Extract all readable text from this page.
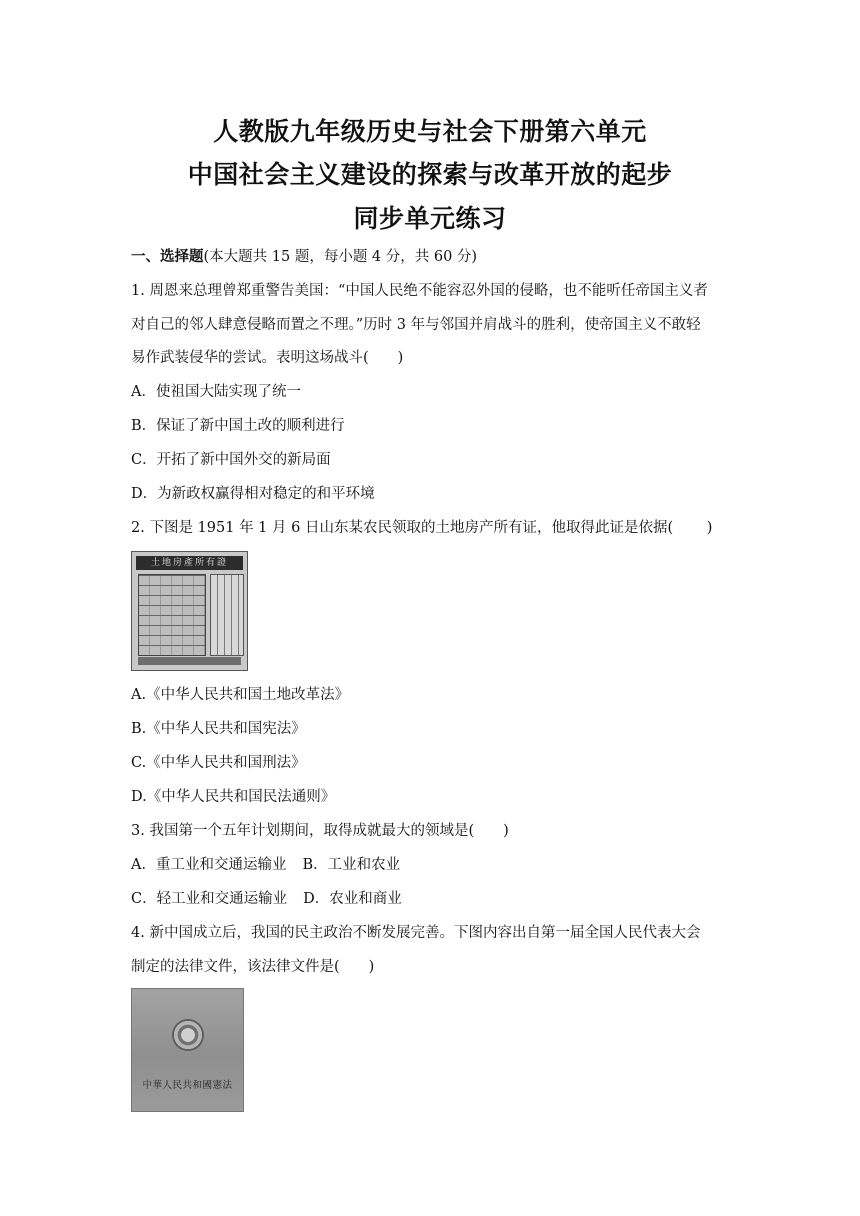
人教版九年级历史与社会下册第六单元
中国社会主义建设的探索与改革开放的起步
同步单元练习
一、选择题(本大题共 15 题，每小题 4 分，共 60 分)
1. 周恩来总理曾郑重警告美国：“中国人民绝不能容忍外国的侵略，也不能听任帝国主义者
对自己的邻人肆意侵略而置之不理。”历时 3 年与邻国并肩战斗的胜利，使帝国主义不敢轻
易作武装侵华的尝试。表明这场战斗(　　)
A．使祖国大陆实现了统一
B．保证了新中国土改的顺利进行
C．开拓了新中国外交的新局面
D．为新政权赢得相对稳定的和平环境
2. 下图是 1951 年 1 月 6 日山东某农民领取的土地房产所有证，他取得此证是依据(　　 )
土地房產所有證
A.《中华人民共和国土地改革法》
B.《中华人民共和国宪法》
C.《中华人民共和国刑法》
D.《中华人民共和国民法通则》
3. 我国第一个五年计划期间，取得成就最大的领域是(　　)
A．重工业和交通运输业 B．工业和农业
C．轻工业和交通运输业 D．农业和商业
4. 新中国成立后，我国的民主政治不断发展完善。下图内容出自第一届全国人民代表大会
制定的法律文件，该法律文件是(　　)
中華人民共和國憲法
